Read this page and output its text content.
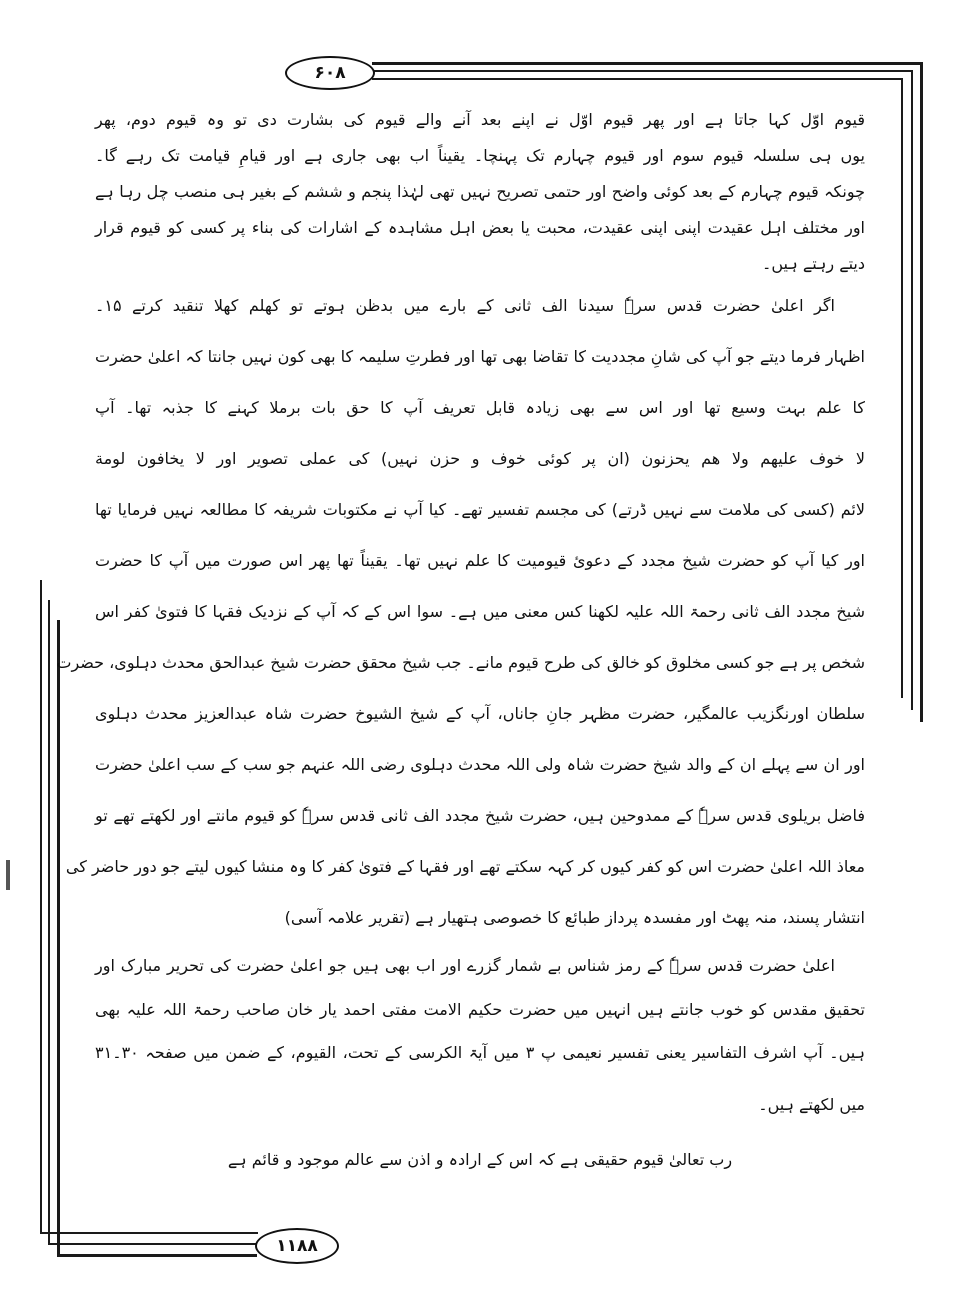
۶۰۸
۱۱۸۸
قیوم اوّل کہا جاتا ہے اور پھر قیوم اوّل نے اپنے بعد آنے والے قیوم کی بشارت دی تو وہ قیوم دوم، پھر
یوں ہی سلسلہ قیوم سوم اور قیوم چہارم تک پہنچا۔ یقیناً اب بھی جاری ہے اور قیامِ قیامت تک رہے گا۔
چونکہ قیوم چہارم کے بعد کوئی واضح اور حتمی تصریح نہیں تھی لہٰذا پنجم و ششم کے بغیر ہی منصب چل رہا ہے
اور مختلف اہل عقیدت اپنی اپنی عقیدت، محبت یا بعض اہل مشاہدہ کے اشارات کی بناء پر کسی کو قیوم قرار
دیتے رہتے ہیں۔
اگر اعلیٰ حضرت قدس سرہٗ سیدنا الف ثانی کے بارے میں بدظن ہوتے تو کھلم کھلا تنقید کرتے ۱۵۔
اظہار فرما دیتے جو آپ کی شانِ مجددیت کا تقاضا بھی تھا اور فطرتِ سلیمہ کا بھی کون نہیں جانتا کہ اعلیٰ حضرت
کا علم بہت وسیع تھا اور اس سے بھی زیادہ قابل تعریف آپ کا حق بات برملا کہنے کا جذبہ تھا۔ آپ
لا خوف علیھم ولا ھم یحزنون (ان پر کوئی خوف و حزن نہیں) کی عملی تصویر اور لا یخافون لومة
لائم (کسی کی ملامت سے نہیں ڈرتے) کی مجسم تفسیر تھے۔ کیا آپ نے مکتوبات شریفہ کا مطالعہ نہیں فرمایا تھا
اور کیا آپ کو حضرت شیخ مجدد کے دعوئ قیومیت کا علم نہیں تھا۔ یقیناً تھا پھر اس صورت میں آپ کا حضرت
شیخ مجدد الف ثانی رحمۃ اللہ علیہ لکھنا کس معنی میں ہے۔ سوا اس کے کہ آپ کے نزدیک فقہا کا فتویٰ کفر اس
شخص پر ہے جو کسی مخلوق کو خالق کی طرح قیوم مانے۔ جب شیخ محقق حضرت شیخ عبدالحق محدث دہلوی، حضرت
سلطان اورنگزیب عالمگیر، حضرت مظہر جانِ جاناں، آپ کے شیخ الشیوخ حضرت شاہ عبدالعزیز محدث دہلوی
اور ان سے پہلے ان کے والد شیخ حضرت شاہ ولی اللہ محدث دہلوی رضی اللہ عنہم جو سب کے سب اعلیٰ حضرت
فاضل بریلوی قدس سرہٗ کے ممدوحین ہیں، حضرت شیخ مجدد الف ثانی قدس سرہٗ کو قیوم مانتے اور لکھتے تھے تو
معاذ اللہ اعلیٰ حضرت اس کو کفر کیوں کر کہہ سکتے تھے اور فقہا کے فتویٰ کفر کا وہ منشا کیوں لیتے جو دور حاضر کی
انتشار پسند، منہ پھٹ اور مفسدہ پرداز طبائع کا خصوصی ہتھیار ہے (تقریر علامہ آسی)
اعلیٰ حضرت قدس سرہٗ کے رمز شناس بے شمار گزرے اور اب بھی ہیں جو اعلیٰ حضرت کی تحریر مبارک اور
تحقیق مقدس کو خوب جانتے ہیں انہیں میں حضرت حکیم الامت مفتی احمد یار خان صاحب رحمۃ اللہ علیہ بھی
ہیں۔ آپ اشرف التفاسیر یعنی تفسیر نعیمی پ ۳ میں آیۃ الکرسی کے تحت، القیوم، کے ضمن میں صفحہ ۳۰۔۳۱
میں لکھتے ہیں۔
رب تعالیٰ قیوم حقیقی ہے کہ اس کے ارادہ و اذن سے عالم موجود و قائم ہے
